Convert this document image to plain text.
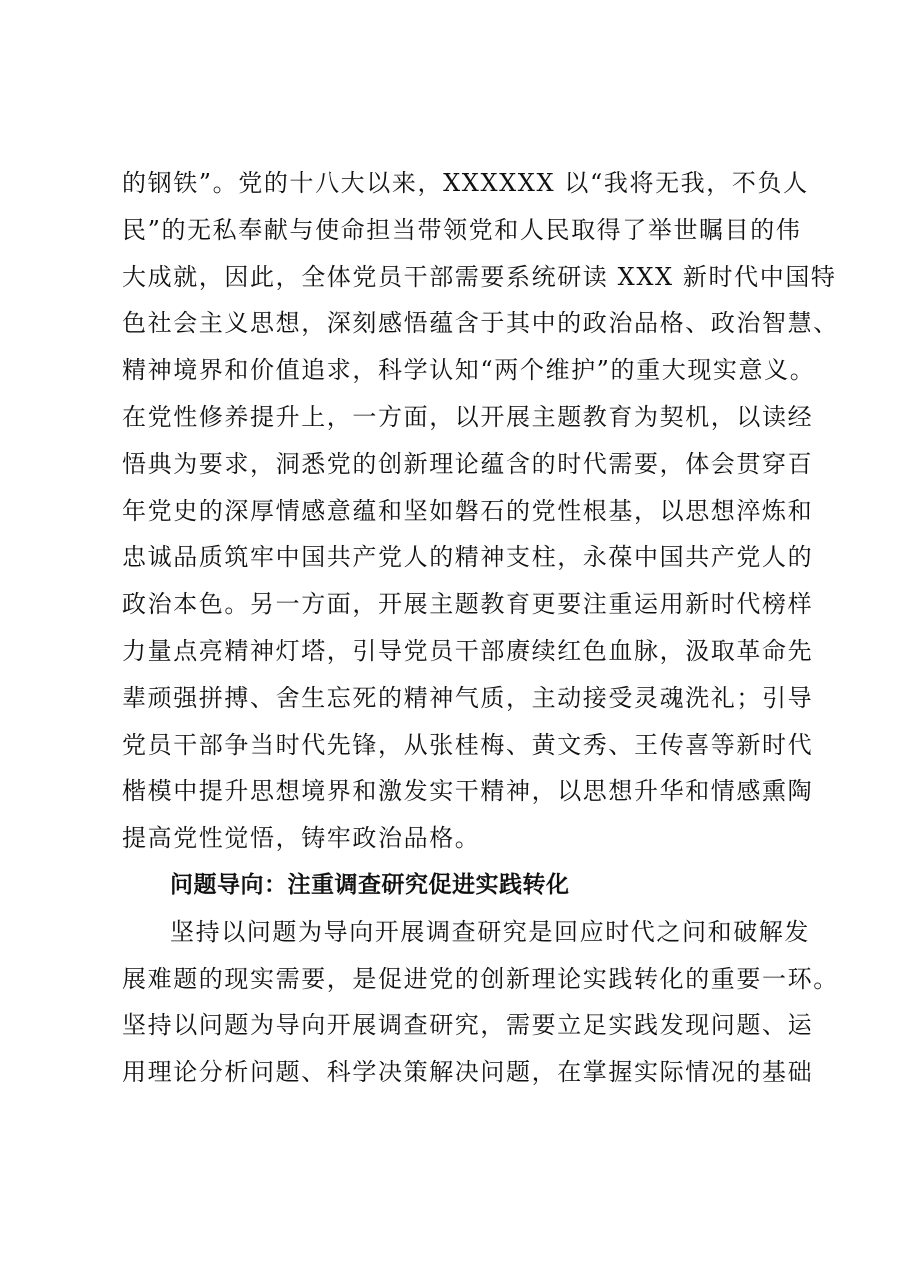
的钢铁”。党的十八大以来，XXXXXX 以“我将无我，不负人
民”的无私奉献与使命担当带领党和人民取得了举世瞩目的伟
大成就，因此，全体党员干部需要系统研读 XXX 新时代中国特
色社会主义思想，深刻感悟蕴含于其中的政治品格、政治智慧、
精神境界和价值追求，科学认知“两个维护”的重大现实意义。
在党性修养提升上，一方面，以开展主题教育为契机，以读经
悟典为要求，洞悉党的创新理论蕴含的时代需要，体会贯穿百
年党史的深厚情感意蕴和坚如磐石的党性根基，以思想淬炼和
忠诚品质筑牢中国共产党人的精神支柱，永葆中国共产党人的
政治本色。另一方面，开展主题教育更要注重运用新时代榜样
力量点亮精神灯塔，引导党员干部赓续红色血脉，汲取革命先
辈顽强拼搏、舍生忘死的精神气质，主动接受灵魂洗礼；引导
党员干部争当时代先锋，从张桂梅、黄文秀、王传喜等新时代
楷模中提升思想境界和激发实干精神，以思想升华和情感熏陶
提高党性觉悟，铸牢政治品格。
问题导向：注重调查研究促进实践转化
坚持以问题为导向开展调查研究是回应时代之问和破解发
展难题的现实需要，是促进党的创新理论实践转化的重要一环。
坚持以问题为导向开展调查研究，需要立足实践发现问题、运
用理论分析问题、科学决策解决问题，在掌握实际情况的基础
